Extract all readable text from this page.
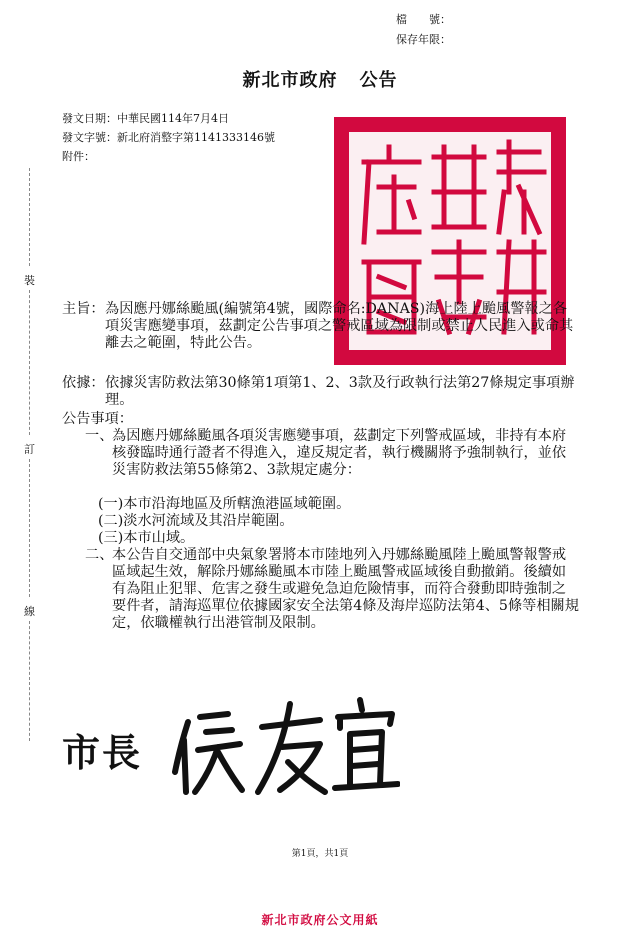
檔　　號：
保存年限：
新北市政府 公告
發文日期：中華民國114年7月4日
發文字號：新北府消整字第1141333146號
附件：
裝
訂
線
主旨： 為因應丹娜絲颱風(編號第4號，國際命名:DANAS)海上陸上颱風警報之各項災害應變事項，茲劃定公告事項之警戒區域為限制或禁止人民進入或命其離去之範圍，特此公告。
依據： 依據災害防救法第30條第1項第1、2、3款及行政執行法第27條規定事項辦理。
公告事項：
一、
為因應丹娜絲颱風各項災害應變事項，茲劃定下列警戒區域，非持有本府核發臨時通行證者不得進入，違反規定者，執行機關將予強制執行，並依災害防救法第55條第2、3款規定處分：
(一)本市沿海地區及所轄漁港區域範圍。
(二)淡水河流域及其沿岸範圍。
(三)本市山域。
二、
本公告自交通部中央氣象署將本市陸地列入丹娜絲颱風陸上颱風警報警戒區域起生效，解除丹娜絲颱風本市陸上颱風警戒區域後自動撤銷。後續如有為阻止犯罪、危害之發生或避免急迫危險情事，而符合發動即時強制之要件者，請海巡單位依據國家安全法第4條及海岸巡防法第4、5條等相關規定，依職權執行出港管制及限制。
市長
第1頁，共1頁
新北市政府公文用紙
